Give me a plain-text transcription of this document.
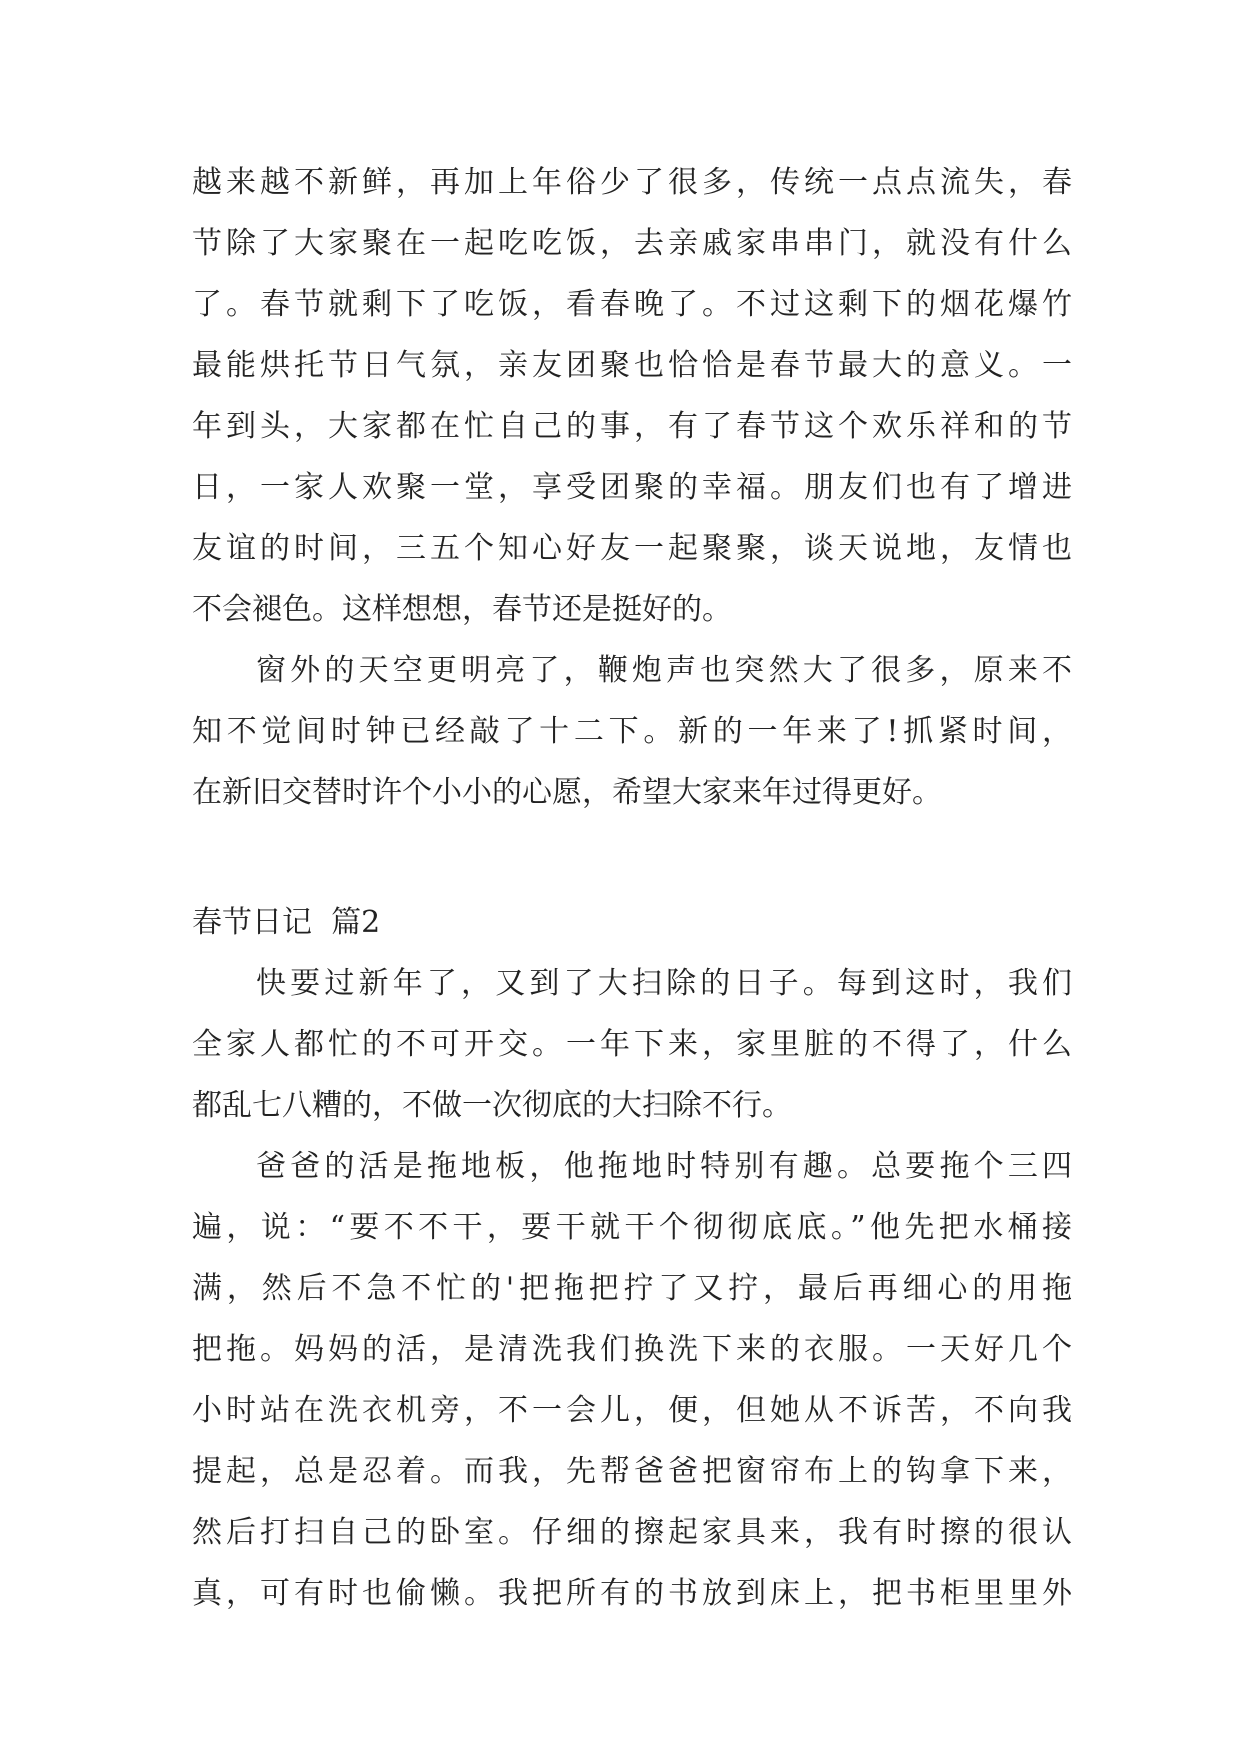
越来越不新鲜，再加上年俗少了很多，传统一点点流失，春
节除了大家聚在一起吃吃饭，去亲戚家串串门，就没有什么
了。春节就剩下了吃饭，看春晚了。不过这剩下的烟花爆竹
最能烘托节日气氛，亲友团聚也恰恰是春节最大的意义。一
年到头，大家都在忙自己的事，有了春节这个欢乐祥和的节
日，一家人欢聚一堂，享受团聚的幸福。朋友们也有了增进
友谊的时间，三五个知心好友一起聚聚，谈天说地，友情也
不会褪色。这样想想，春节还是挺好的。
窗外的天空更明亮了，鞭炮声也突然大了很多，原来不
知不觉间时钟已经敲了十二下。新的一年来了!抓紧时间，
在新旧交替时许个小小的心愿，希望大家来年过得更好。
春节日记  篇2
快要过新年了，又到了大扫除的日子。每到这时，我们
全家人都忙的不可开交。一年下来，家里脏的不得了，什么
都乱七八糟的，不做一次彻底的大扫除不行。
爸爸的活是拖地板，他拖地时特别有趣。总要拖个三四
遍，说：“要不不干，要干就干个彻彻底底。”他先把水桶接
满，然后不急不忙的'把拖把拧了又拧，最后再细心的用拖
把拖。妈妈的活，是清洗我们换洗下来的衣服。一天好几个
小时站在洗衣机旁，不一会儿，便，但她从不诉苦，不向我
提起，总是忍着。而我，先帮爸爸把窗帘布上的钩拿下来，
然后打扫自己的卧室。仔细的擦起家具来，我有时擦的很认
真，可有时也偷懒。我把所有的书放到床上，把书柜里里外
